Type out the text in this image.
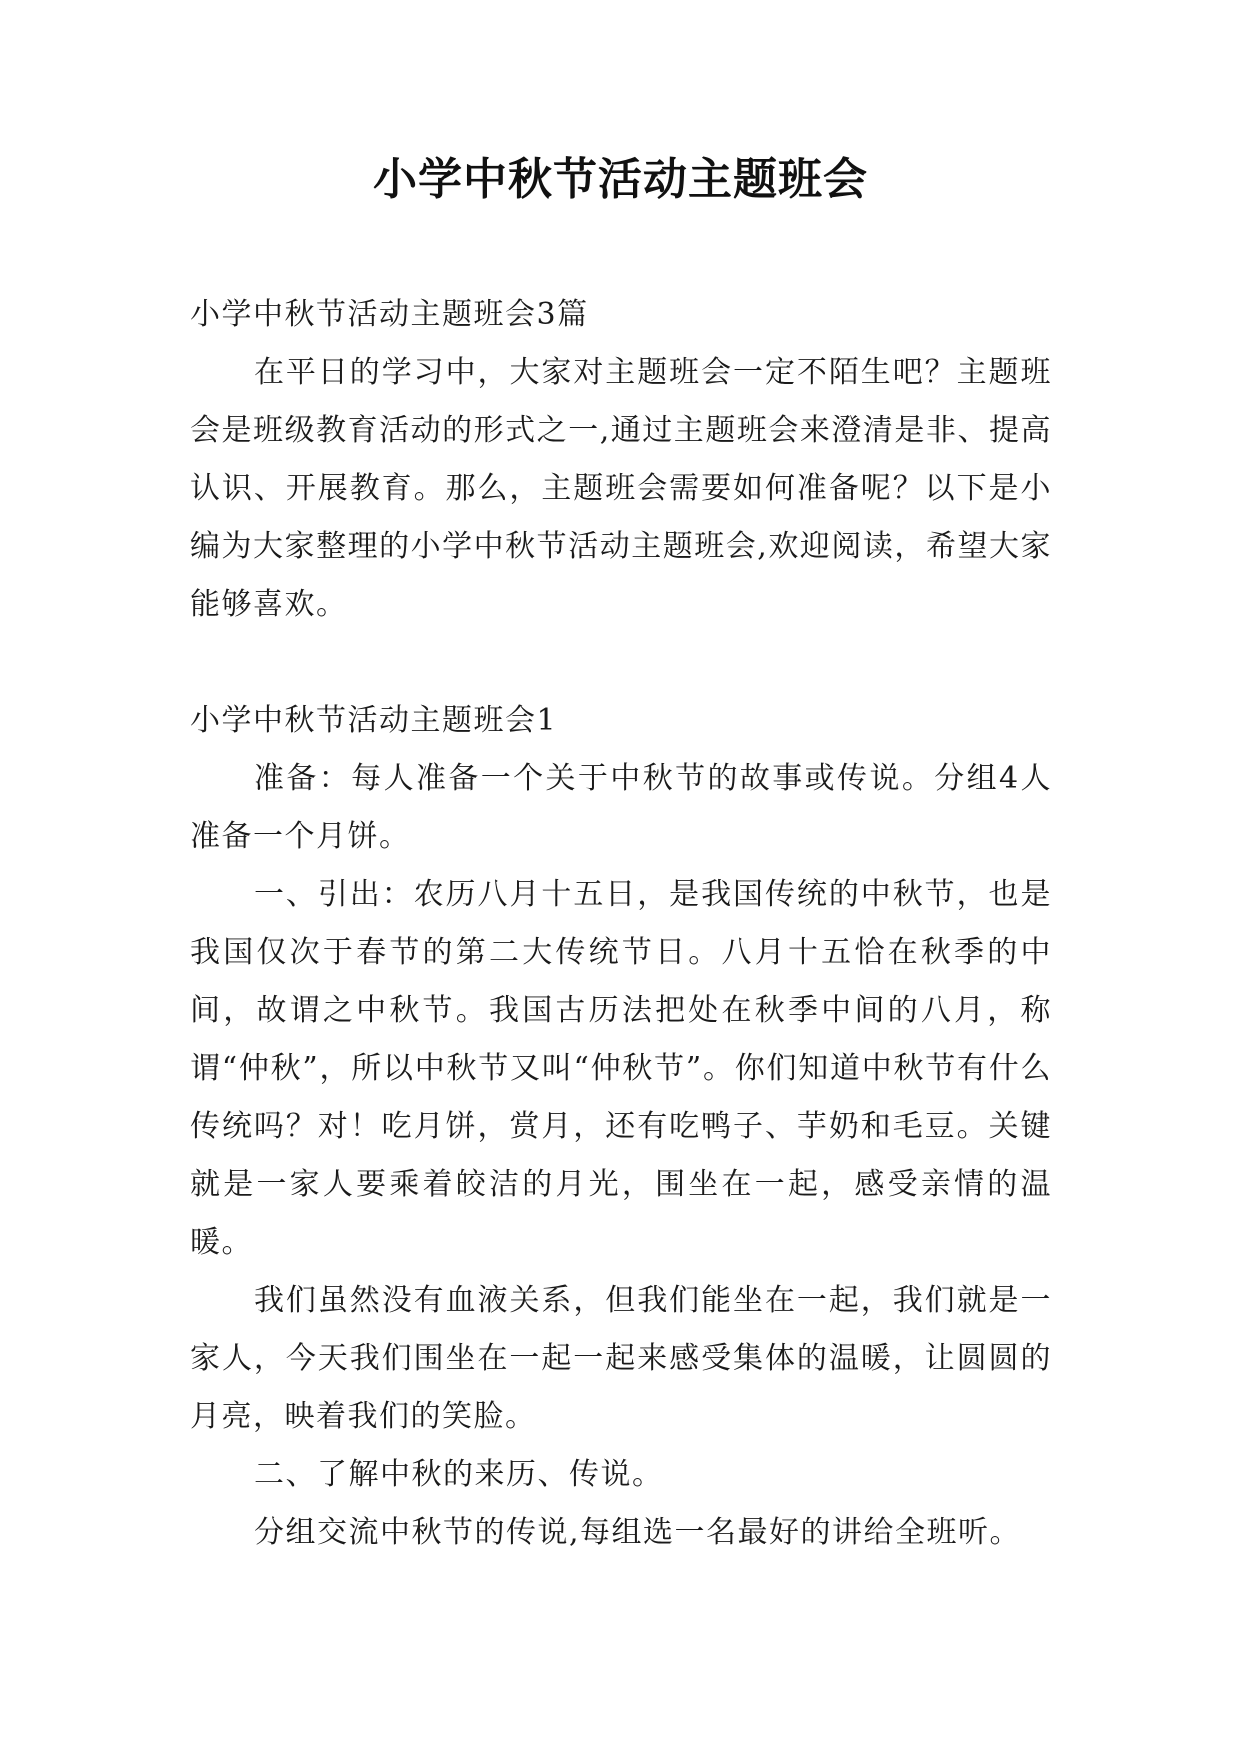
小学中秋节活动主题班会

小学中秋节活动主题班会3篇

在平日的学习中，大家对主题班会一定不陌生吧？主题班会是班级教育活动的形式之一,通过主题班会来澄清是非、提高认识、开展教育。那么，主题班会需要如何准备呢？以下是小编为大家整理的小学中秋节活动主题班会,欢迎阅读，希望大家能够喜欢。

小学中秋节活动主题班会1

准备：每人准备一个关于中秋节的故事或传说。分组4人准备一个月饼。

一、引出：农历八月十五日，是我国传统的中秋节，也是我国仅次于春节的第二大传统节日。八月十五恰在秋季的中间，故谓之中秋节。我国古历法把处在秋季中间的八月，称谓“仲秋”，所以中秋节又叫“仲秋节”。你们知道中秋节有什么传统吗？对！吃月饼，赏月，还有吃鸭子、芋奶和毛豆。关键就是一家人要乘着皎洁的月光，围坐在一起，感受亲情的温暖。

我们虽然没有血液关系，但我们能坐在一起，我们就是一家人，今天我们围坐在一起一起来感受集体的温暖，让圆圆的月亮，映着我们的笑脸。

二、了解中秋的来历、传说。

分组交流中秋节的传说,每组选一名最好的讲给全班听。
